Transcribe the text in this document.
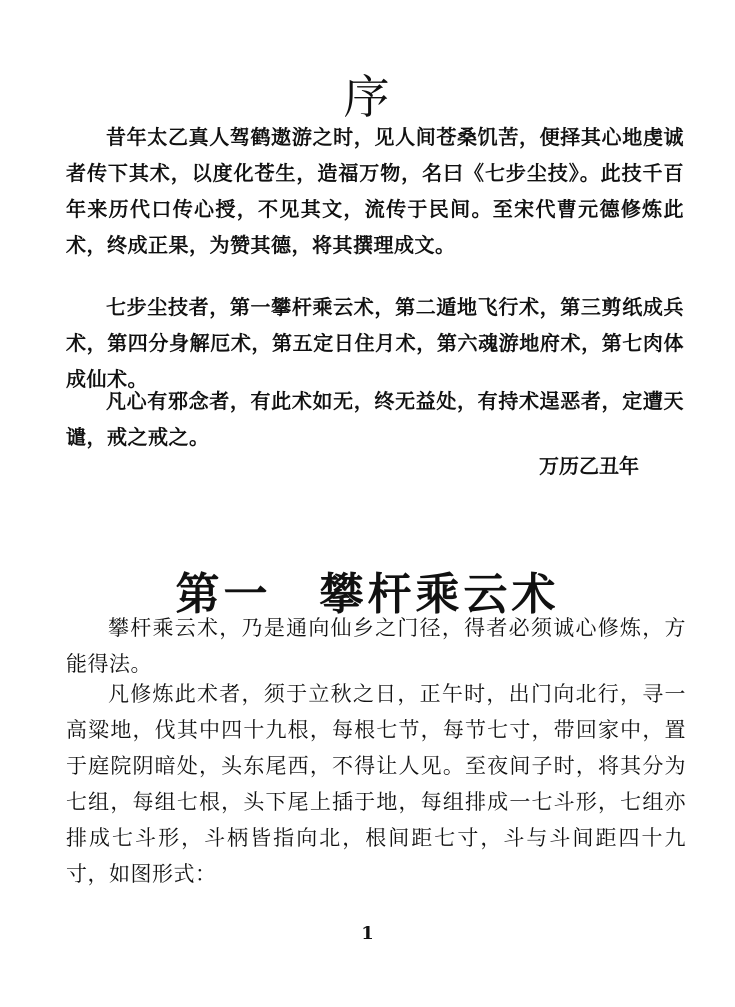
序

昔年太乙真人驾鹤遨游之时，见人间苍桑饥苦，便择其心地虔诚者传下其术，以度化苍生，造福万物，名曰《七步尘技》。此技千百年来历代口传心授，不见其文，流传于民间。至宋代曹元德修炼此术，终成正果，为赞其德，将其撰理成文。

七步尘技者，第一攀杆乘云术，第二遁地飞行术，第三剪纸成兵术，第四分身解厄术，第五定日住月术，第六魂游地府术，第七肉体成仙术。

凡心有邪念者，有此术如无，终无益处，有持术逞恶者，定遭天谴，戒之戒之。

万历乙丑年
第一 攀杆乘云术

攀杆乘云术，乃是通向仙乡之门径，得者必须诚心修炼，方能得法。

凡修炼此术者，须于立秋之日，正午时，出门向北行，寻一高粱地，伐其中四十九根，每根七节，每节七寸，带回家中，置于庭院阴暗处，头东尾西，不得让人见。至夜间子时，将其分为七组，每组七根，头下尾上插于地，每组排成一七斗形，七组亦排成七斗形，斗柄皆指向北，根间距七寸，斗与斗间距四十九寸，如图形式：

1
